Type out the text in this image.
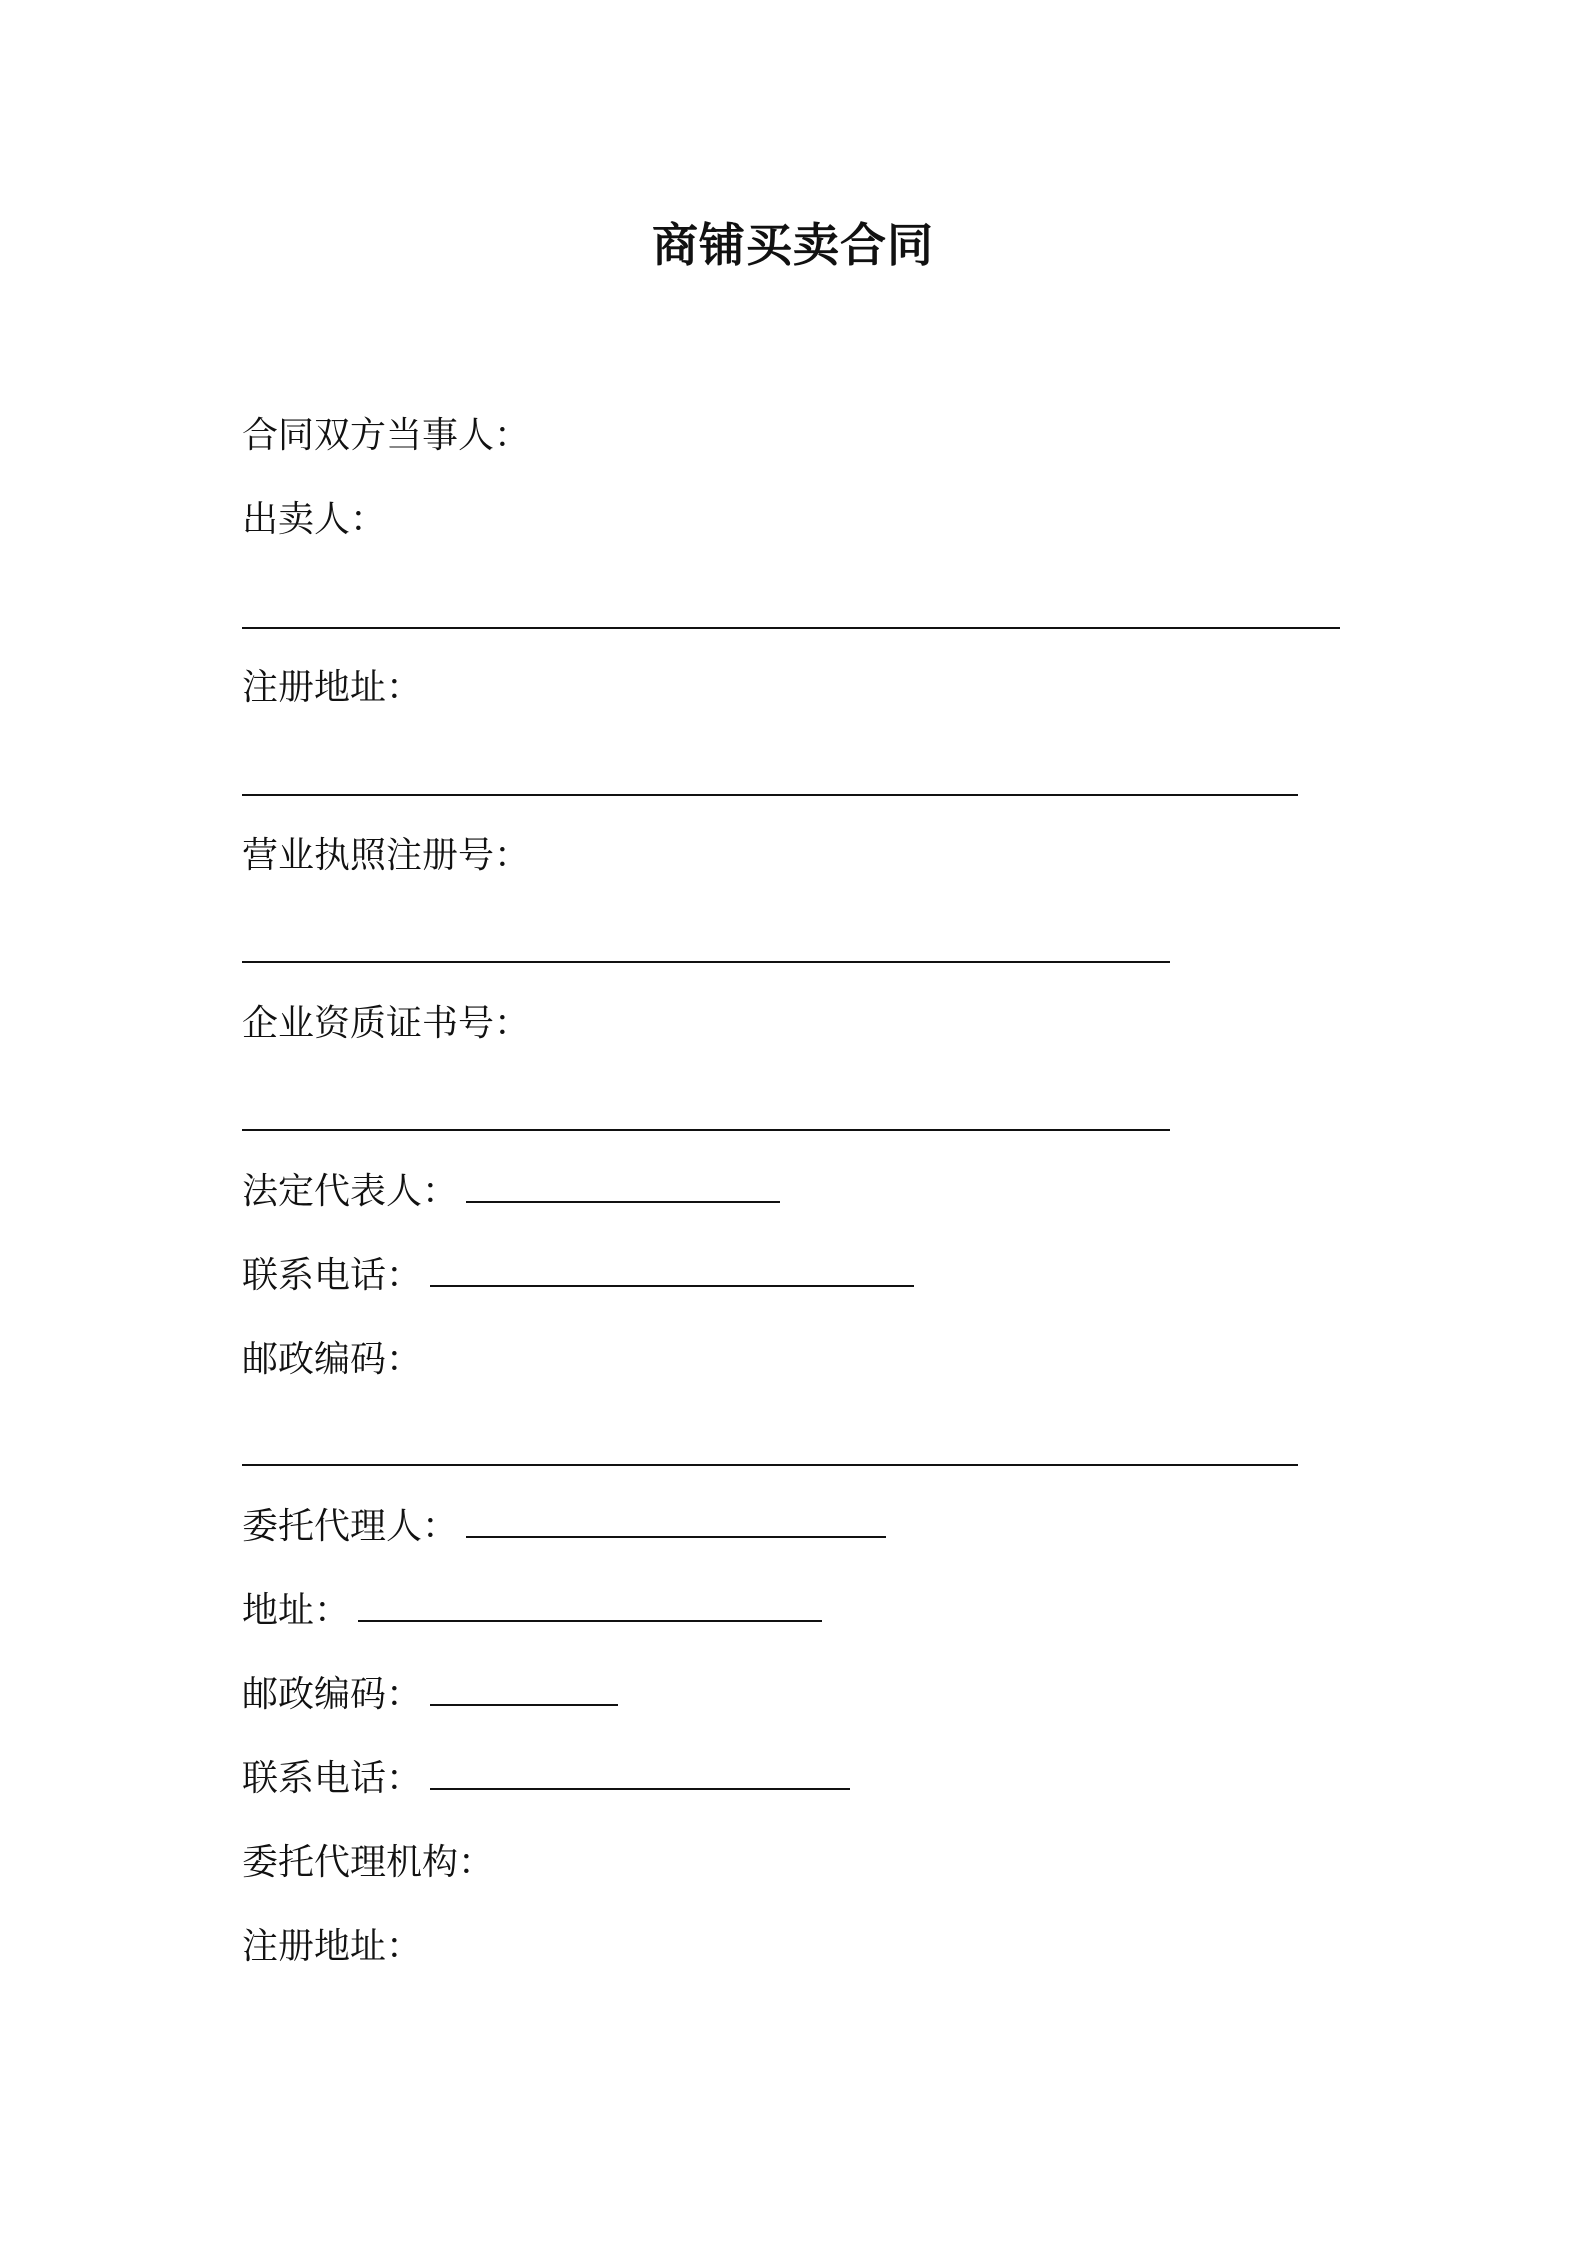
商铺买卖合同
合同双方当事人：
出卖人：
注册地址：
营业执照注册号：
企业资质证书号：
法定代表人：
联系电话：
邮政编码：
委托代理人：
地址：
邮政编码：
联系电话：
委托代理机构：
注册地址：
